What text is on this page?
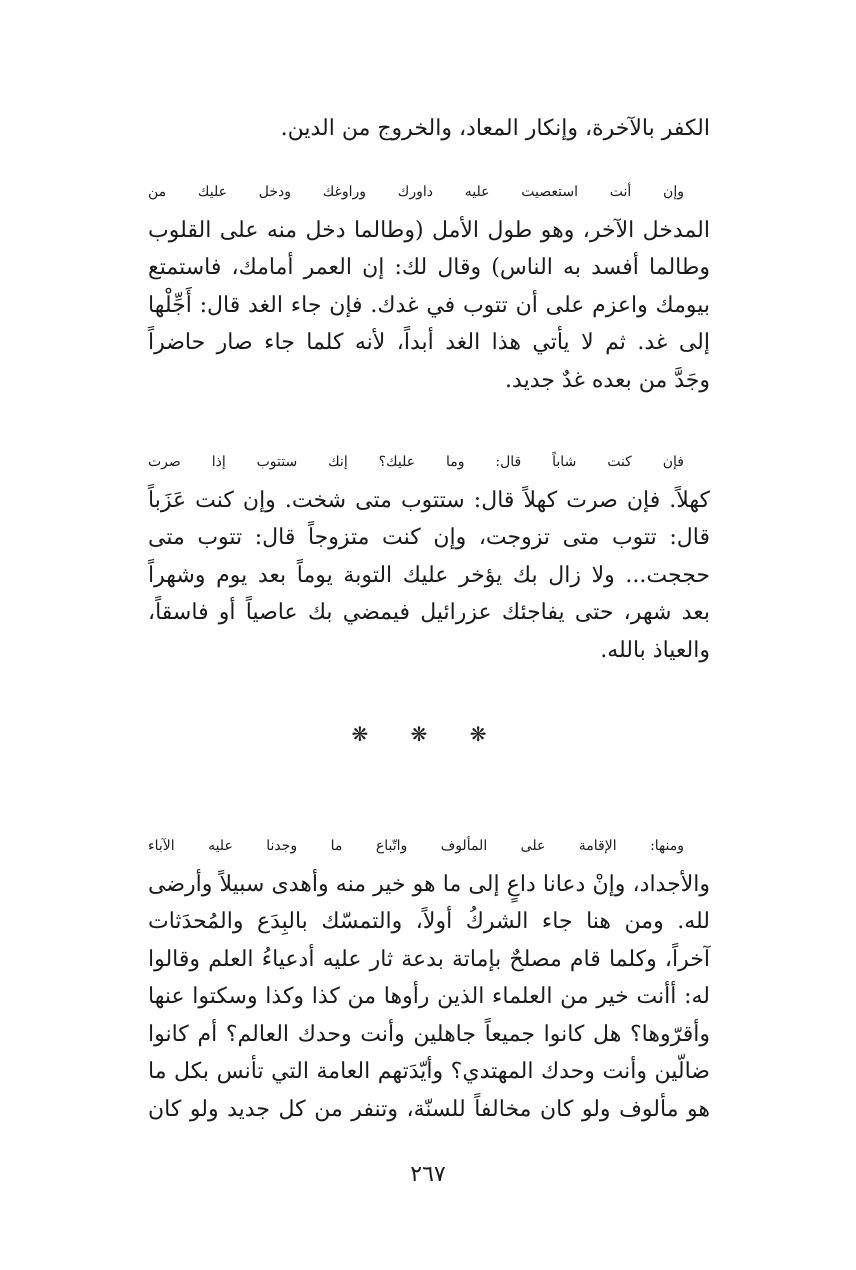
الكفر بالآخرة، وإنكار المعاد، والخروج من الدين.
وإن أنت استعصيت عليه داورك وراوغك ودخل عليك من
المدخل الآخر، وهو طول الأمل (وطالما دخل منه على القلوب
وطالما أفسد به الناس) وقال لك: إن العمر أمامك، فاستمتع
بيومك واعزم على أن تتوب في غدك. فإن جاء الغد قال: أَجِّلْها
إلى غد. ثم لا يأتي هذا الغد أبداً، لأنه كلما جاء صار حاضراً
وجَدَّ من بعده غدٌ جديد.
فإن كنت شاباً قال: وما عليك؟ إنك ستتوب إذا صرت
كهلاً. فإن صرت كهلاً قال: ستتوب متى شخت. وإن كنت عَزَباً
قال: تتوب متى تزوجت، وإن كنت متزوجاً قال: تتوب متى
حججت... ولا زال بك يؤخر عليك التوبة يوماً بعد يوم وشهراً
بعد شهر، حتى يفاجئك عزرائيل فيمضي بك عاصياً أو فاسقاً،
والعياذ بالله.
❋ ❋ ❋
ومنها: الإقامة على المألوف واتّباع ما وجدنا عليه الآباء
والأجداد، وإنْ دعانا داعٍ إلى ما هو خير منه وأهدى سبيلاً وأرضى
لله. ومن هنا جاء الشركُ أولاً، والتمسّك بالبِدَع والمُحدَثات
آخراً، وكلما قام مصلحٌ بإماتة بدعة ثار عليه أدعياءُ العلم وقالوا
له: أأنت خير من العلماء الذين رأوها من كذا وكذا وسكتوا عنها
وأقرّوها؟ هل كانوا جميعاً جاهلين وأنت وحدك العالم؟ أم كانوا
ضالّين وأنت وحدك المهتدي؟ وأيّدَتهم العامة التي تأنس بكل ما
هو مألوف ولو كان مخالفاً للسنّة، وتنفر من كل جديد ولو كان
٢٦٧
